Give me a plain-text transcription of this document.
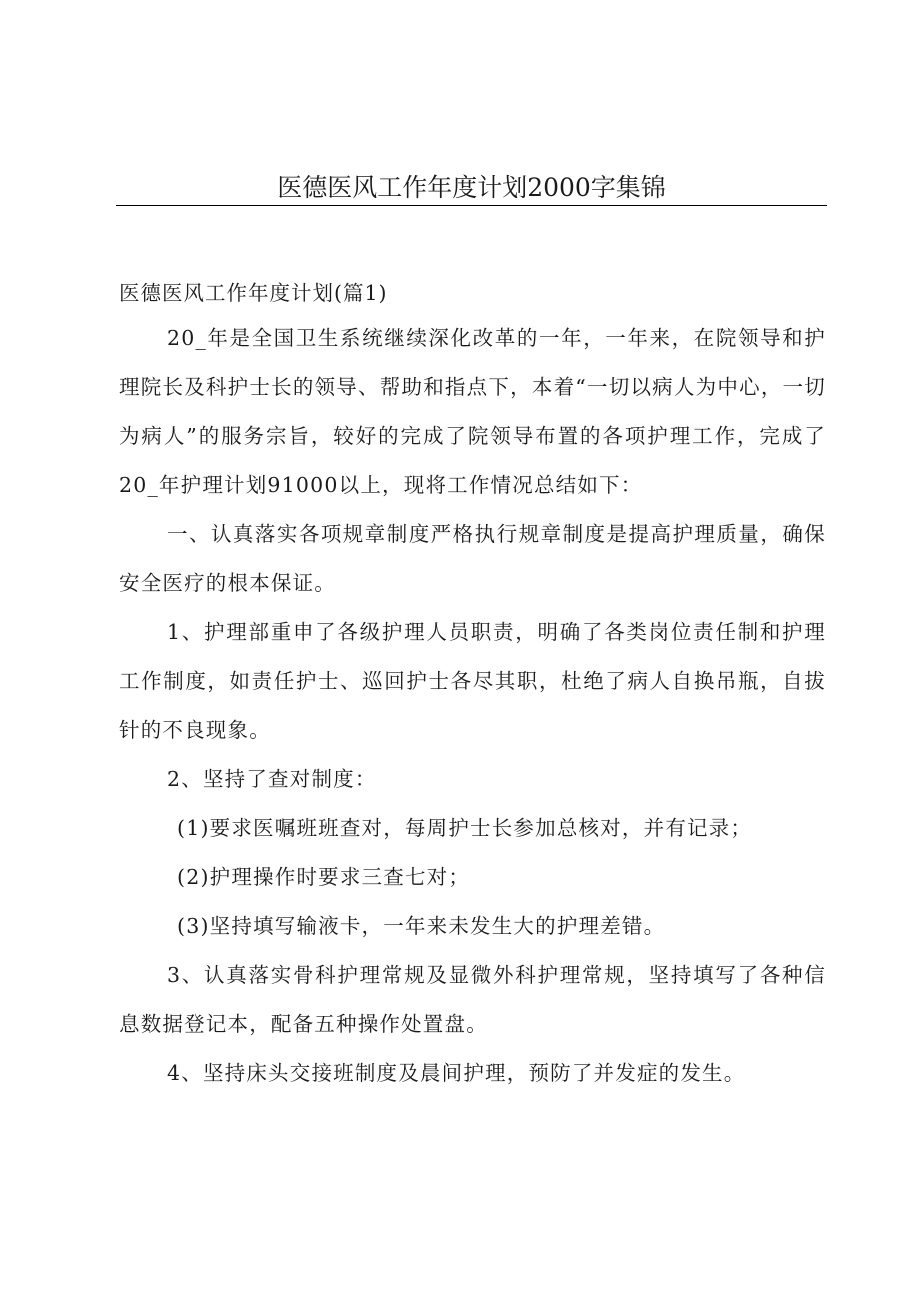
医德医风工作年度计划2000字集锦

医德医风工作年度计划(篇1)

20_年是全国卫生系统继续深化改革的一年，一年来，在院领导和护理院长及科护士长的领导、帮助和指点下，本着“一切以病人为中心，一切为病人”的服务宗旨，较好的完成了院领导布置的各项护理工作，完成了20_年护理计划91000以上，现将工作情况总结如下：

一、认真落实各项规章制度严格执行规章制度是提高护理质量，确保安全医疗的根本保证。

1、护理部重申了各级护理人员职责，明确了各类岗位责任制和护理工作制度，如责任护士、巡回护士各尽其职，杜绝了病人自换吊瓶，自拔针的不良现象。

2、坚持了查对制度：

(1)要求医嘱班班查对，每周护士长参加总核对，并有记录；

(2)护理操作时要求三查七对；

(3)坚持填写输液卡，一年来未发生大的护理差错。

3、认真落实骨科护理常规及显微外科护理常规，坚持填写了各种信息数据登记本，配备五种操作处置盘。

4、坚持床头交接班制度及晨间护理，预防了并发症的发生。
